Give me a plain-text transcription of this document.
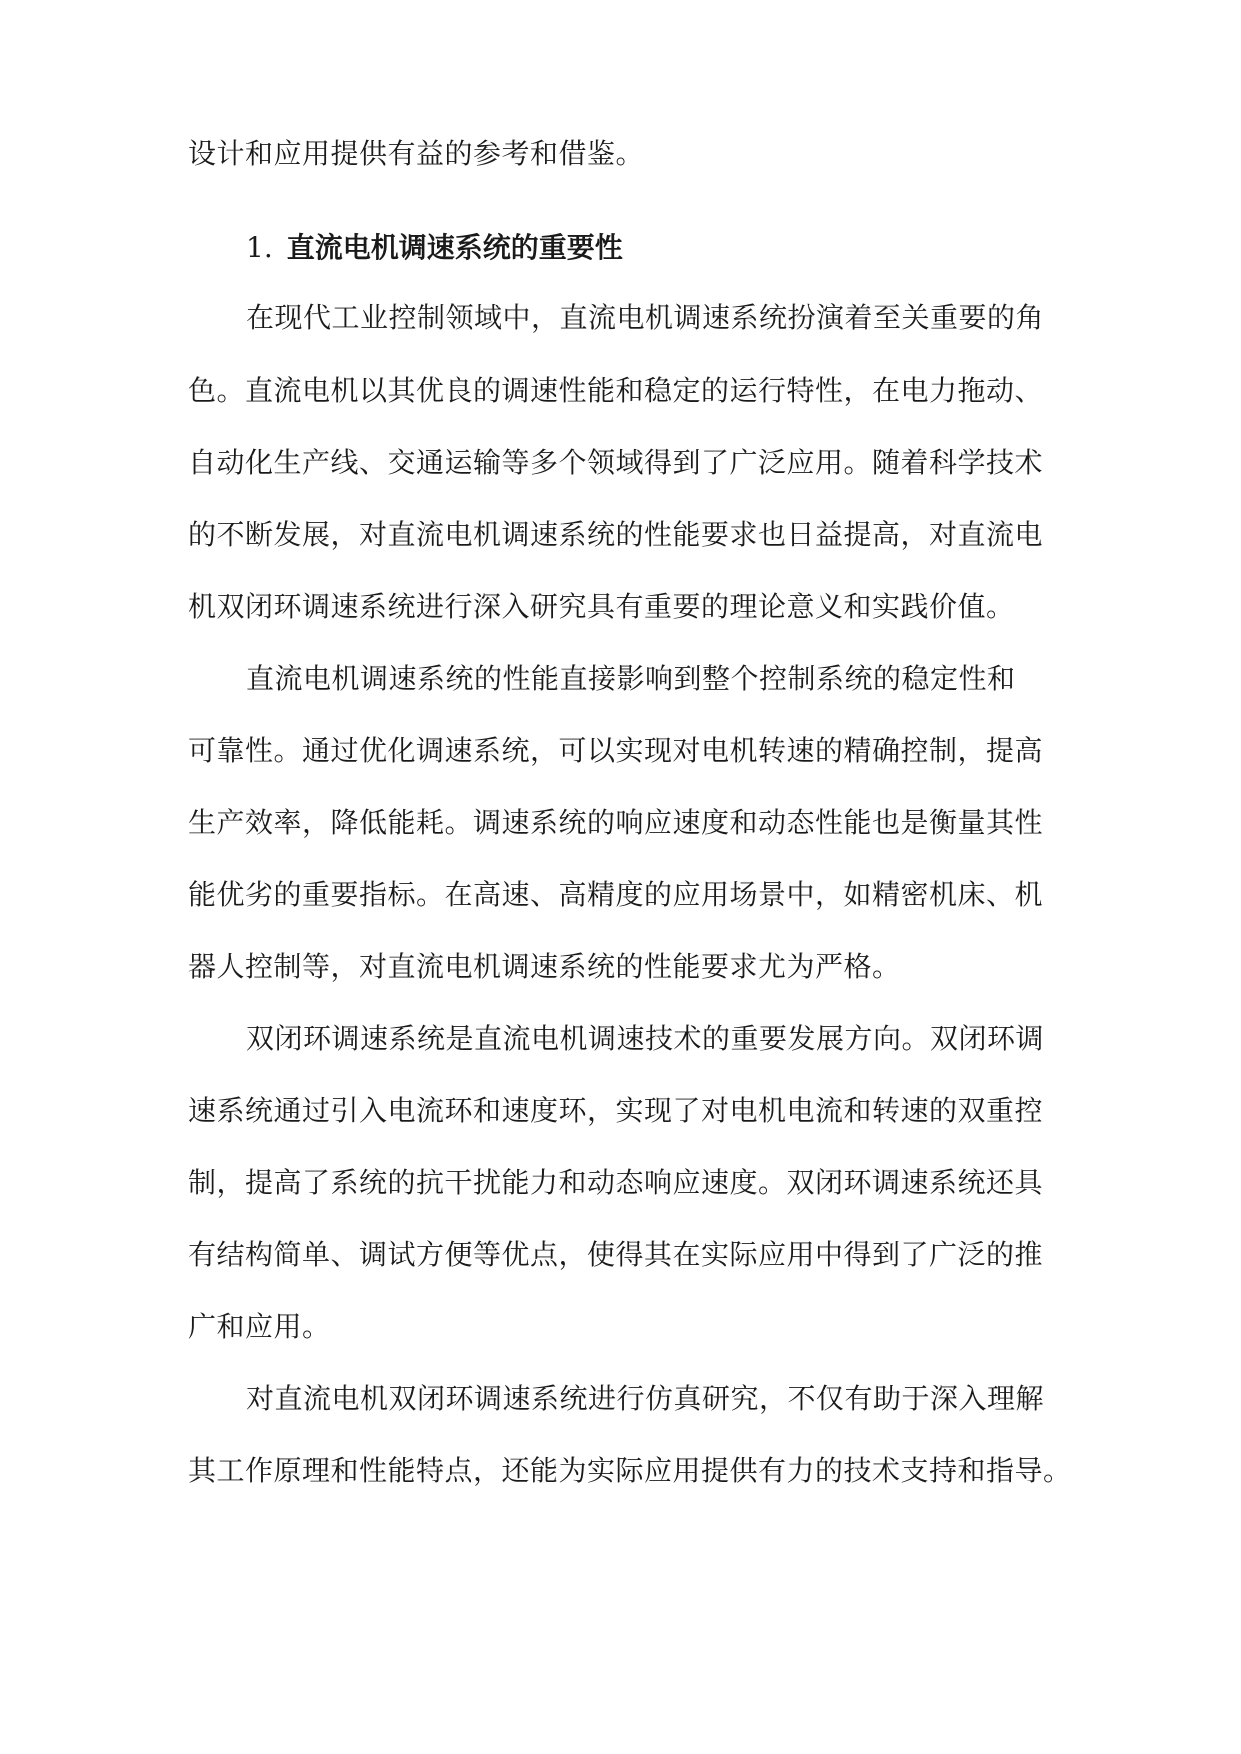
设计和应用提供有益的参考和借鉴。
1. 直流电机调速系统的重要性
在现代工业控制领域中，直流电机调速系统扮演着至关重要的角
色。直流电机以其优良的调速性能和稳定的运行特性，在电力拖动、
自动化生产线、交通运输等多个领域得到了广泛应用。随着科学技术
的不断发展，对直流电机调速系统的性能要求也日益提高，对直流电
机双闭环调速系统进行深入研究具有重要的理论意义和实践价值。
直流电机调速系统的性能直接影响到整个控制系统的稳定性和
可靠性。通过优化调速系统，可以实现对电机转速的精确控制，提高
生产效率，降低能耗。调速系统的响应速度和动态性能也是衡量其性
能优劣的重要指标。在高速、高精度的应用场景中，如精密机床、机
器人控制等，对直流电机调速系统的性能要求尤为严格。
双闭环调速系统是直流电机调速技术的重要发展方向。双闭环调
速系统通过引入电流环和速度环，实现了对电机电流和转速的双重控
制，提高了系统的抗干扰能力和动态响应速度。双闭环调速系统还具
有结构简单、调试方便等优点，使得其在实际应用中得到了广泛的推
广和应用。
对直流电机双闭环调速系统进行仿真研究，不仅有助于深入理解
其工作原理和性能特点，还能为实际应用提供有力的技术支持和指导。
